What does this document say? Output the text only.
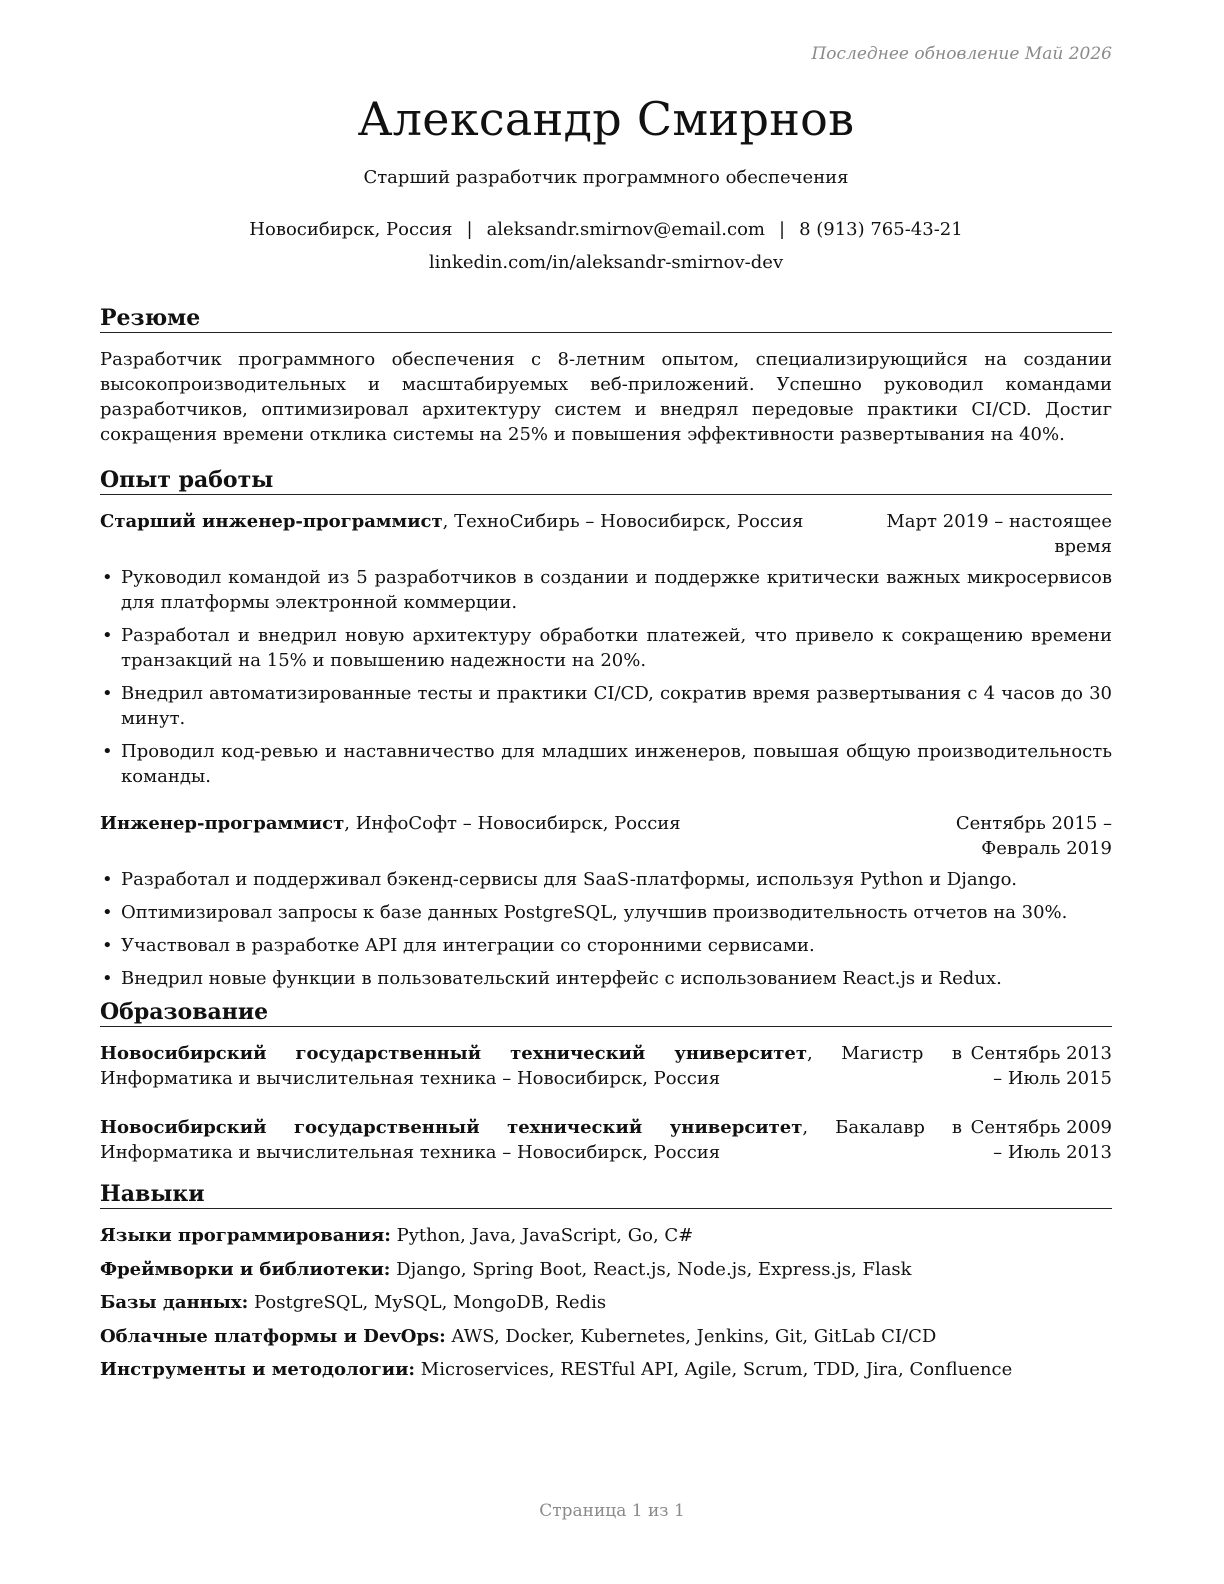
Последнее обновление Май 2026
Александр Смирнов
Старший разработчик программного обеспечения
Новосибирск, Россия | aleksandr.smirnov@email.com | 8 (913) 765-43-21
linkedin.com/in/aleksandr-smirnov-dev
Резюме

Разработчик программного обеспечения с 8-летним опытом, специализирующийся на создании высокопроизводительных и масштабируемых веб-приложений. Успешно руководил командами разработчиков, оптимизировал архитектуру систем и внедрял передовые практики CI/CD. Достиг сокращения времени отклика системы на 25% и повышения эффективности развертывания на 40%.

Опыт работы
Старший инженер-программист, ТехноСибирь – Новосибирск, Россия	Март 2019 – настоящее время
• Руководил командой из 5 разработчиков в создании и поддержке критически важных микросервисов для платформы электронной коммерции.
• Разработал и внедрил новую архитектуру обработки платежей, что привело к сокращению времени транзакций на 15% и повышению надежности на 20%.
• Внедрил автоматизированные тесты и практики CI/CD, сократив время развертывания с 4 часов до 30 минут.
• Проводил код-ревью и наставничество для младших инженеров, повышая общую производительность команды.
Инженер-программист, ИнфоСофт – Новосибирск, Россия	Сентябрь 2015 – Февраль 2019
• Разработал и поддерживал бэкенд-сервисы для SaaS-платформы, используя Python и Django.
• Оптимизировал запросы к базе данных PostgreSQL, улучшив производительность отчетов на 30%.
• Участвовал в разработке API для интеграции со сторонними сервисами.
• Внедрил новые функции в пользовательский интерфейс с использованием React.js и Redux.
Образование
Новосибирский государственный технический университет, Магистр в Информатика и вычислительная техника – Новосибирск, Россия
Сентябрь 2013 – Июль 2015
Новосибирский государственный технический университет, Бакалавр в Информатика и вычислительная техника – Новосибирск, Россия
Сентябрь 2009 – Июль 2013
Навыки
Языки программирования: Python, Java, JavaScript, Go, C#
Фреймворки и библиотеки: Django, Spring Boot, React.js, Node.js, Express.js, Flask
Базы данных: PostgreSQL, MySQL, MongoDB, Redis
Облачные платформы и DevOps: AWS, Docker, Kubernetes, Jenkins, Git, GitLab CI/CD
Инструменты и методологии: Microservices, RESTful API, Agile, Scrum, TDD, Jira, Confluence
Страница 1 из 1
